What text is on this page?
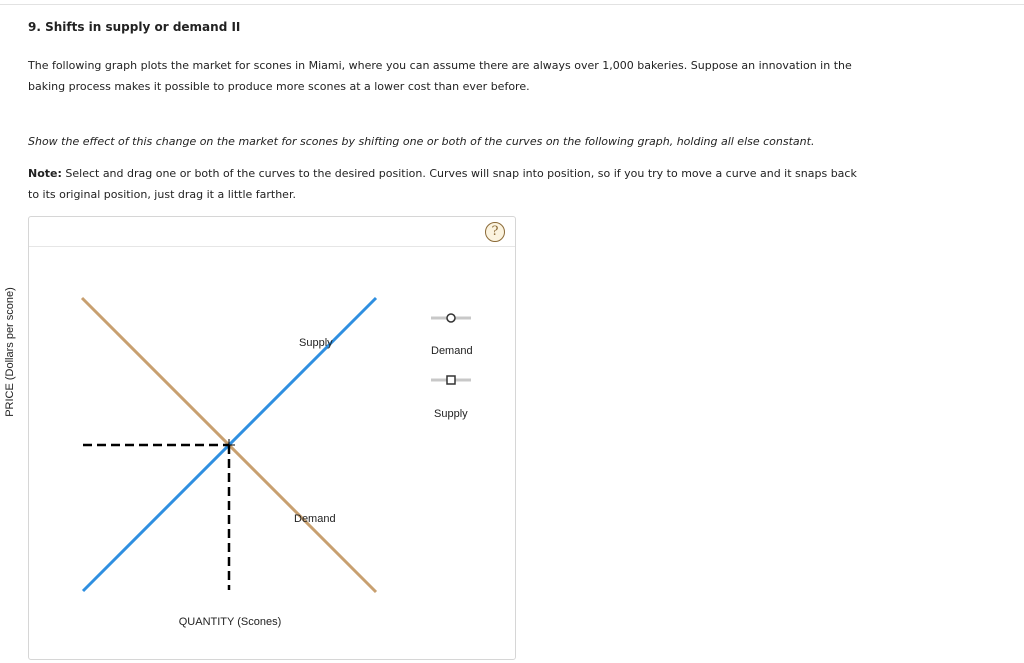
9. Shifts in supply or demand II
The following graph plots the market for scones in Miami, where you can assume there are always over 1,000 bakeries. Suppose an innovation in the baking process makes it possible to produce more scones at a lower cost than ever before.
Show the effect of this change on the market for scones by shifting one or both of the curves on the following graph, holding all else constant.
Note: Select and drag one or both of the curves to the desired position. Curves will snap into position, so if you try to move a curve and it snaps back to its original position, just drag it a little farther.
?
PRICE (Dollars per scone)
QUANTITY (Scones)
Supply
Demand
Demand
Supply
